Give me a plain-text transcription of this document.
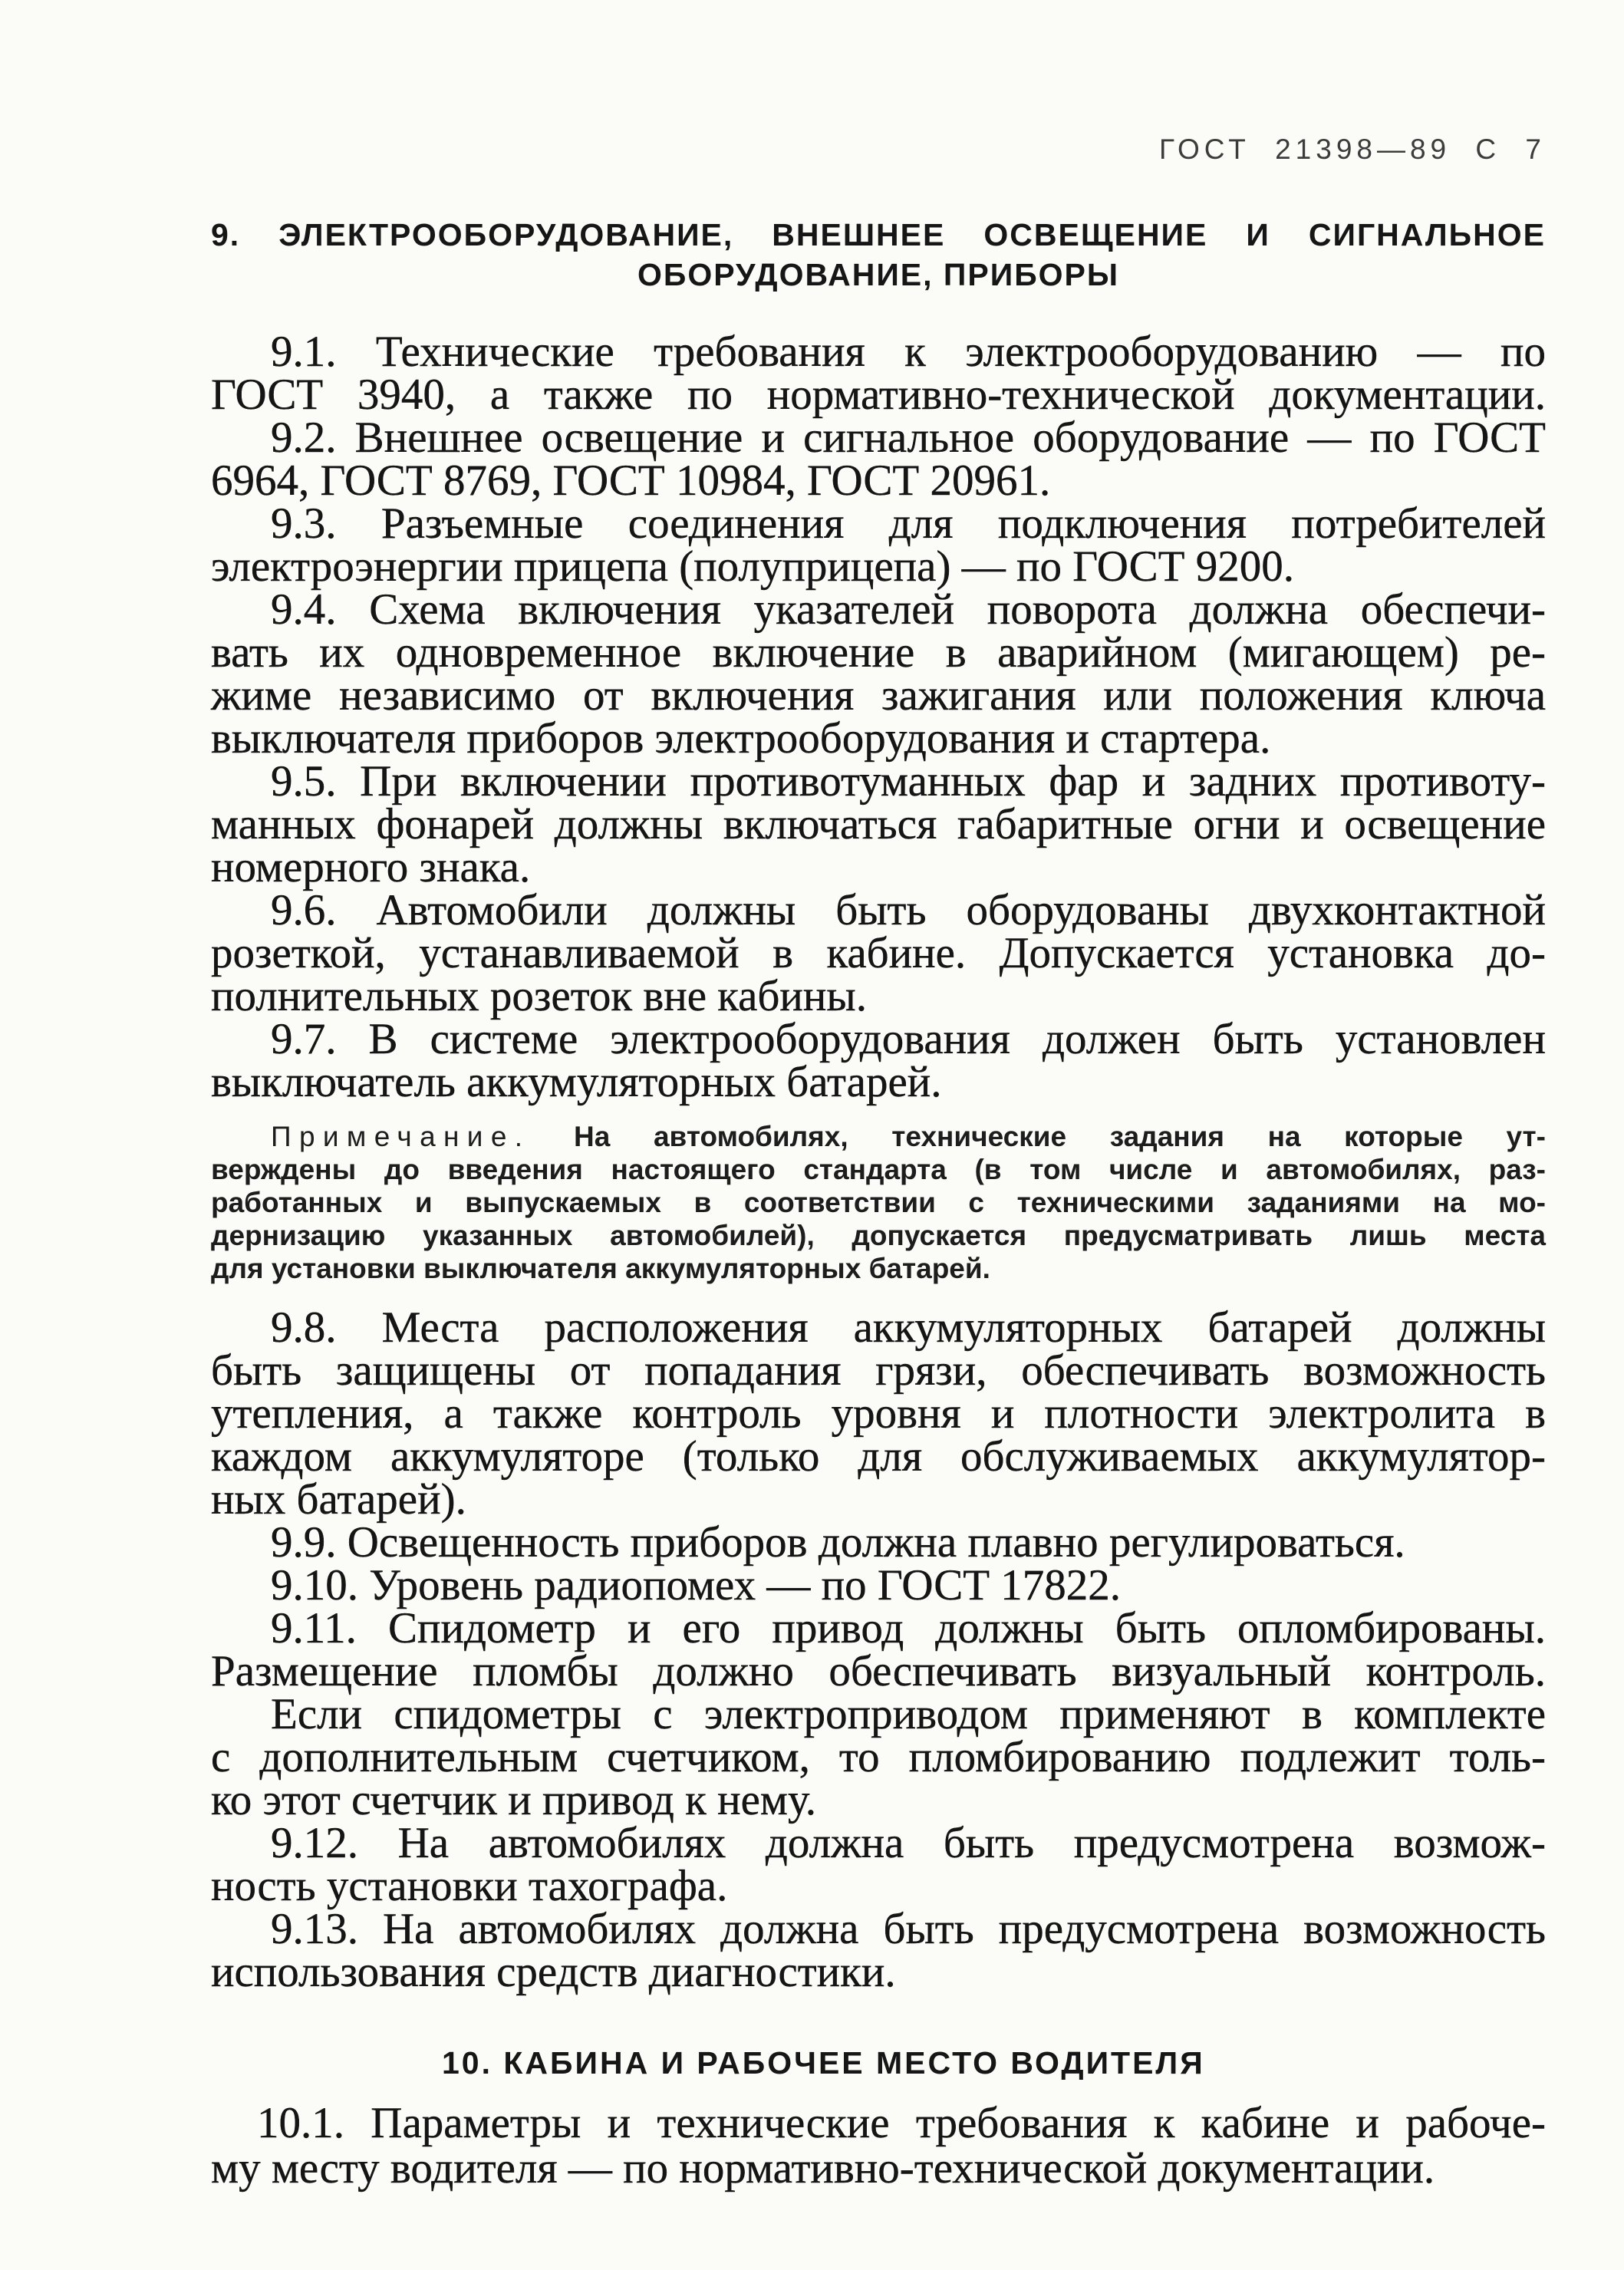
ГОСТ 21398—89 С 7
9. ЭЛЕКТРООБОРУДОВАНИЕ, ВНЕШНЕЕ ОСВЕЩЕНИЕ И СИГНАЛЬНОЕ
ОБОРУДОВАНИЕ, ПРИБОРЫ
9.1. Технические требования к электрооборудованию — по
ГОСТ 3940, а также по нормативно-технической документации.
9.2. Внешнее освещение и сигнальное оборудование — по ГОСТ
6964, ГОСТ 8769, ГОСТ 10984, ГОСТ 20961.
9.3. Разъемные соединения для подключения потребителей
электроэнергии прицепа (полуприцепа) — по ГОСТ 9200.
9.4. Схема включения указателей поворота должна обеспечи-
вать их одновременное включение в аварийном (мигающем) ре-
жиме независимо от включения зажигания или положения ключа
выключателя приборов электрооборудования и стартера.
9.5. При включении противотуманных фар и задних противоту-
манных фонарей должны включаться габаритные огни и освещение
номерного знака.
9.6. Автомобили должны быть оборудованы двухконтактной
розеткой, устанавливаемой в кабине. Допускается установка до-
полнительных розеток вне кабины.
9.7. В системе электрооборудования должен быть установлен
выключатель аккумуляторных батарей.
Примечание. На автомобилях, технические задания на которые ут-
верждены до введения настоящего стандарта (в том числе и автомобилях, раз-
работанных и выпускаемых в соответствии с техническими заданиями на мо-
дернизацию указанных автомобилей), допускается предусматривать лишь места
для установки выключателя аккумуляторных батарей.
9.8. Места расположения аккумуляторных батарей должны
быть защищены от попадания грязи, обеспечивать возможность
утепления, а также контроль уровня и плотности электролита в
каждом аккумуляторе (только для обслуживаемых аккумулятор-
ных батарей).
9.9. Освещенность приборов должна плавно регулироваться.
9.10. Уровень радиопомех — по ГОСТ 17822.
9.11. Спидометр и его привод должны быть опломбированы.
Размещение пломбы должно обеспечивать визуальный контроль.
Если спидометры с электроприводом применяют в комплекте
с дополнительным счетчиком, то пломбированию подлежит толь-
ко этот счетчик и привод к нему.
9.12. На автомобилях должна быть предусмотрена возмож-
ность установки тахографа.
9.13. На автомобилях должна быть предусмотрена возможность
использования средств диагностики.
10. КАБИНА И РАБОЧЕЕ МЕСТО ВОДИТЕЛЯ
10.1. Параметры и технические требования к кабине и рабоче-
му месту водителя — по нормативно-технической документации.
